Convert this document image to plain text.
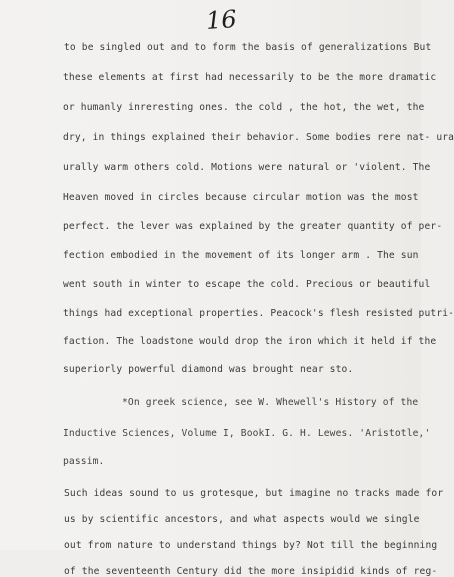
16
to be singled out and to form the basis of generalizations But
these elements at first had necessarily to be the more dramatic
or humanly inreresting ones. the cold , the hot, the wet, the
dry, in things explained their behavior. Some bodies rere nat- ura
urally warm others cold. Motions were natural or 'violent. The
Heaven moved in circles because circular motion was the most
perfect. the lever was explained by the greater quantity of per-
fection embodied in the movement of its longer arm . The sun
went south in winter to escape the cold. Precious or beautiful
things had exceptional properties. Peacock's flesh resisted putri-
faction. The loadstone would drop the iron which it held if the
superiorly powerful diamond was brought near sto.
*On greek science, see W. Whewell's History of the
Inductive Sciences, Volume I, BookI. G. H. Lewes. 'Aristotle,'
passim.
Such ideas sound to us grotesque, but imagine no tracks made for
us by scientific ancestors, and what aspects would we single
out from nature to understand things by? Not till the beginning
of the seventeenth Century did the more insipidid kinds of reg-
